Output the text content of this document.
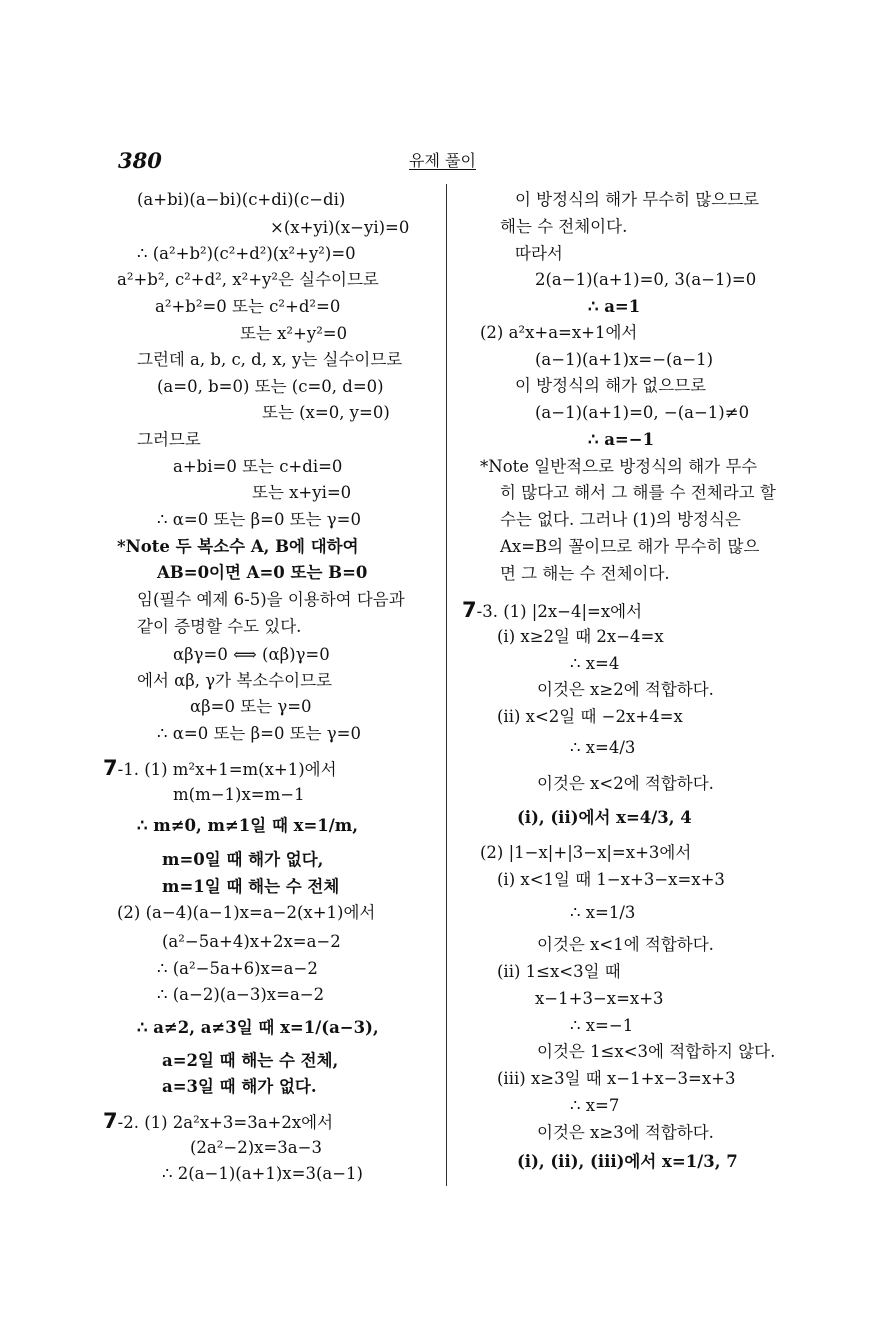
380	유제 풀이
(a+bi)(a−bi)(c+di)(c−di)
×(x+yi)(x−yi)=0
∴ (a²+b²)(c²+d²)(x²+y²)=0
a²+b², c²+d², x²+y²은 실수이므로
a²+b²=0 또는 c²+d²=0
또는 x²+y²=0
그런데 a, b, c, d, x, y는 실수이므로
(a=0, b=0) 또는 (c=0, d=0)
또는 (x=0, y=0)
그러므로
a+bi=0 또는 c+di=0
또는 x+yi=0
∴ α=0 또는 β=0 또는 γ=0
*Note 두 복소수 A, B에 대하여
AB=0이면 A=0 또는 B=0
임(필수 예제 6-5)을 이용하여 다음과
같이 증명할 수도 있다.
αβγ=0 ⟺ (αβ)γ=0
에서 αβ, γ가 복소수이므로
αβ=0 또는 γ=0
∴ α=0 또는 β=0 또는 γ=0
7-1. (1) m²x+1=m(x+1)에서
m(m−1)x=m−1
∴ m≠0, m≠1일 때 x=1/m,
m=0일 때 해가 없다,
m=1일 때 해는 수 전체
(2) (a−4)(a−1)x=a−2(x+1)에서
(a²−5a+4)x+2x=a−2
∴ (a²−5a+6)x=a−2
∴ (a−2)(a−3)x=a−2
∴ a≠2, a≠3일 때 x=1/(a−3),
a=2일 때 해는 수 전체,
a=3일 때 해가 없다.
7-2. (1) 2a²x+3=3a+2x에서
(2a²−2)x=3a−3
∴ 2(a−1)(a+1)x=3(a−1)
이 방정식의 해가 무수히 많으므로
해는 수 전체이다.
따라서
2(a−1)(a+1)=0, 3(a−1)=0
∴ a=1
(2) a²x+a=x+1에서
(a−1)(a+1)x=−(a−1)
이 방정식의 해가 없으므로
(a−1)(a+1)=0, −(a−1)≠0
∴ a=−1
*Note 일반적으로 방정식의 해가 무수
히 많다고 해서 그 해를 수 전체라고 할
수는 없다. 그러나 (1)의 방정식은
Ax=B의 꼴이므로 해가 무수히 많으
면 그 해는 수 전체이다.
7-3. (1) |2x−4|=x에서
(i) x≥2일 때 2x−4=x
∴ x=4
이것은 x≥2에 적합하다.
(ii) x<2일 때 −2x+4=x
∴ x=4/3
이것은 x<2에 적합하다.
(i), (ii)에서 x=4/3, 4
(2) |1−x|+|3−x|=x+3에서
(i) x<1일 때 1−x+3−x=x+3
∴ x=1/3
이것은 x<1에 적합하다.
(ii) 1≤x<3일 때
x−1+3−x=x+3
∴ x=−1
이것은 1≤x<3에 적합하지 않다.
(iii) x≥3일 때 x−1+x−3=x+3
∴ x=7
이것은 x≥3에 적합하다.
(i), (ii), (iii)에서 x=1/3, 7
